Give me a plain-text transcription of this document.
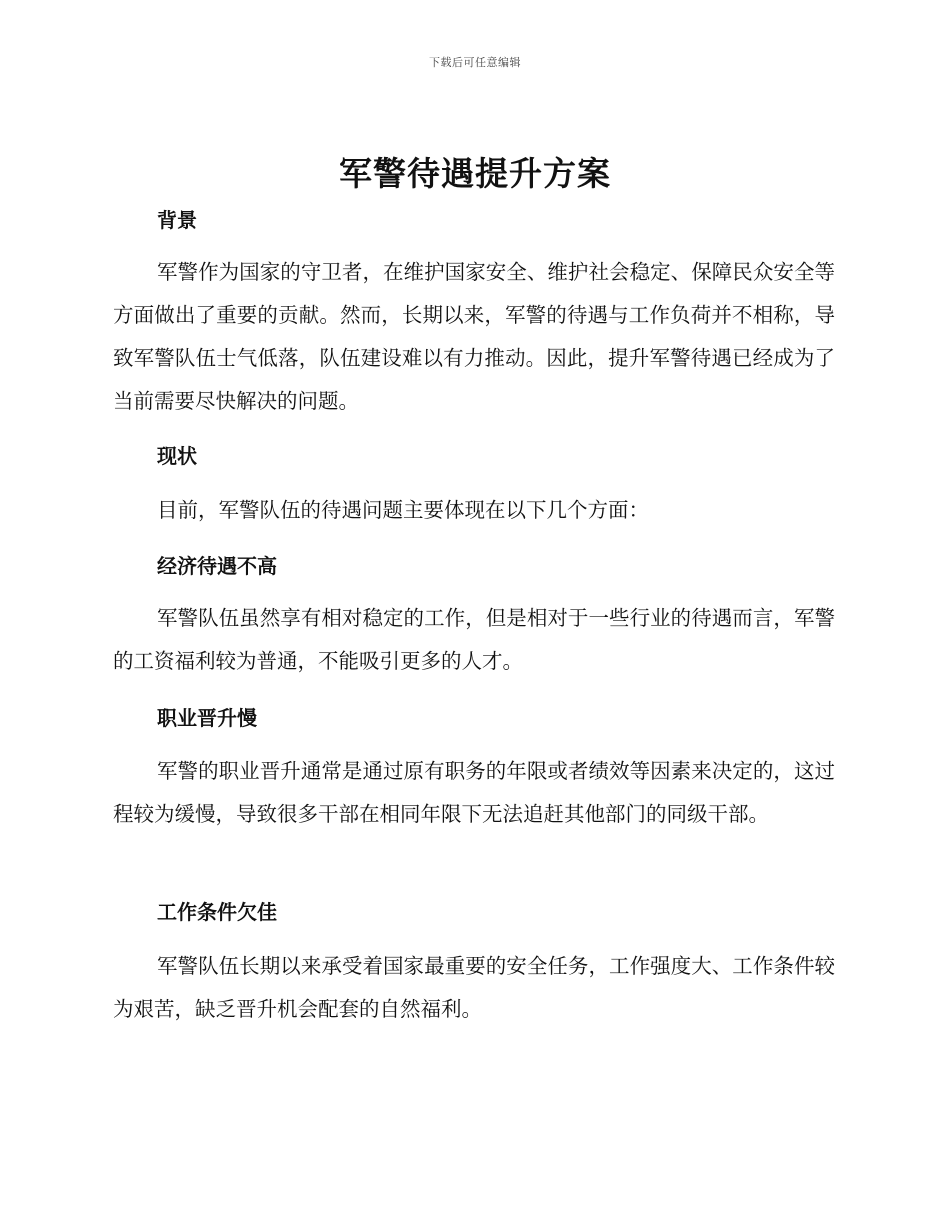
下载后可任意编辑
军警待遇提升方案
背景

军警作为国家的守卫者，在维护国家安全、维护社会稳定、保障民众安全等方面做出了重要的贡献。然而，长期以来，军警的待遇与工作负荷并不相称，导致军警队伍士气低落，队伍建设难以有力推动。因此，提升军警待遇已经成为了当前需要尽快解决的问题。

现状

目前，军警队伍的待遇问题主要体现在以下几个方面：

经济待遇不高

军警队伍虽然享有相对稳定的工作，但是相对于一些行业的待遇而言，军警的工资福利较为普通，不能吸引更多的人才。

职业晋升慢

军警的职业晋升通常是通过原有职务的年限或者绩效等因素来决定的，这过程较为缓慢，导致很多干部在相同年限下无法追赶其他部门的同级干部。

工作条件欠佳

军警队伍长期以来承受着国家最重要的安全任务，工作强度大、工作条件较为艰苦，缺乏晋升机会配套的自然福利。
